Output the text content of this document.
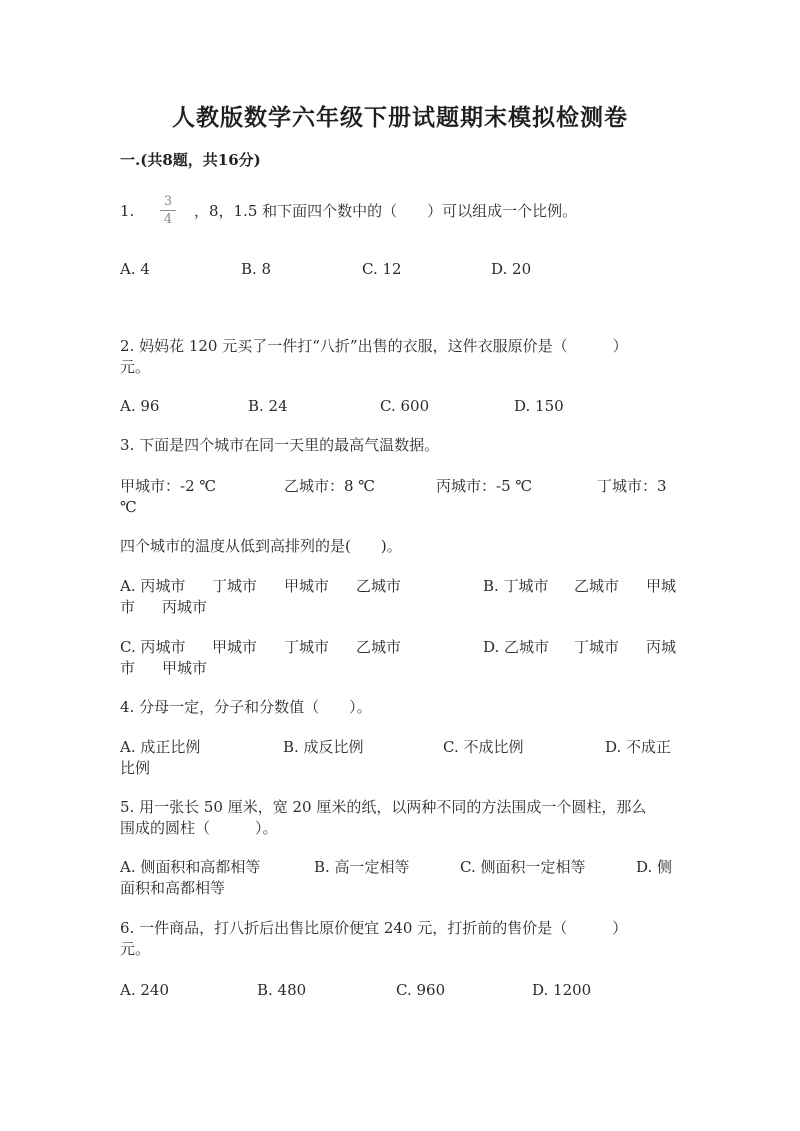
人教版数学六年级下册试题期末模拟检测卷
一.(共8题，共16分)
1.
3
4 ，8，1.5 和下面四个数中的（　　）可以组成一个比例。
A. 4	B. 8	C. 12	D. 20
2. 妈妈花 120 元买了一件打“八折”出售的衣服，这件衣服原价是（　　　）
元。
A. 96	B. 24	C. 600	D. 150
3. 下面是四个城市在同一天里的最高气温数据。
甲城市：-2 ℃	乙城市：8 ℃	丙城市：-5 ℃	丁城市：3
℃
四个城市的温度从低到高排列的是(　　)。
A. 丙城市 丁城市 甲城市 乙城市	B. 丁城市 乙城市 甲城
市 丙城市
C. 丙城市 甲城市 丁城市 乙城市	D. 乙城市 丁城市 丙城
市 甲城市
4. 分母一定，分子和分数值（　　）。
A. 成正比例	B. 成反比例	C. 不成比例	D. 不成正
比例
5. 用一张长 50 厘米，宽 20 厘米的纸，以两种不同的方法围成一个圆柱，那么
围成的圆柱（　　　）。
A. 侧面积和高都相等	B. 高一定相等	C. 侧面积一定相等	D. 侧
面积和高都相等
6. 一件商品，打八折后出售比原价便宜 240 元，打折前的售价是（　　　）
元。
A. 240	B. 480	C. 960	D. 1200
